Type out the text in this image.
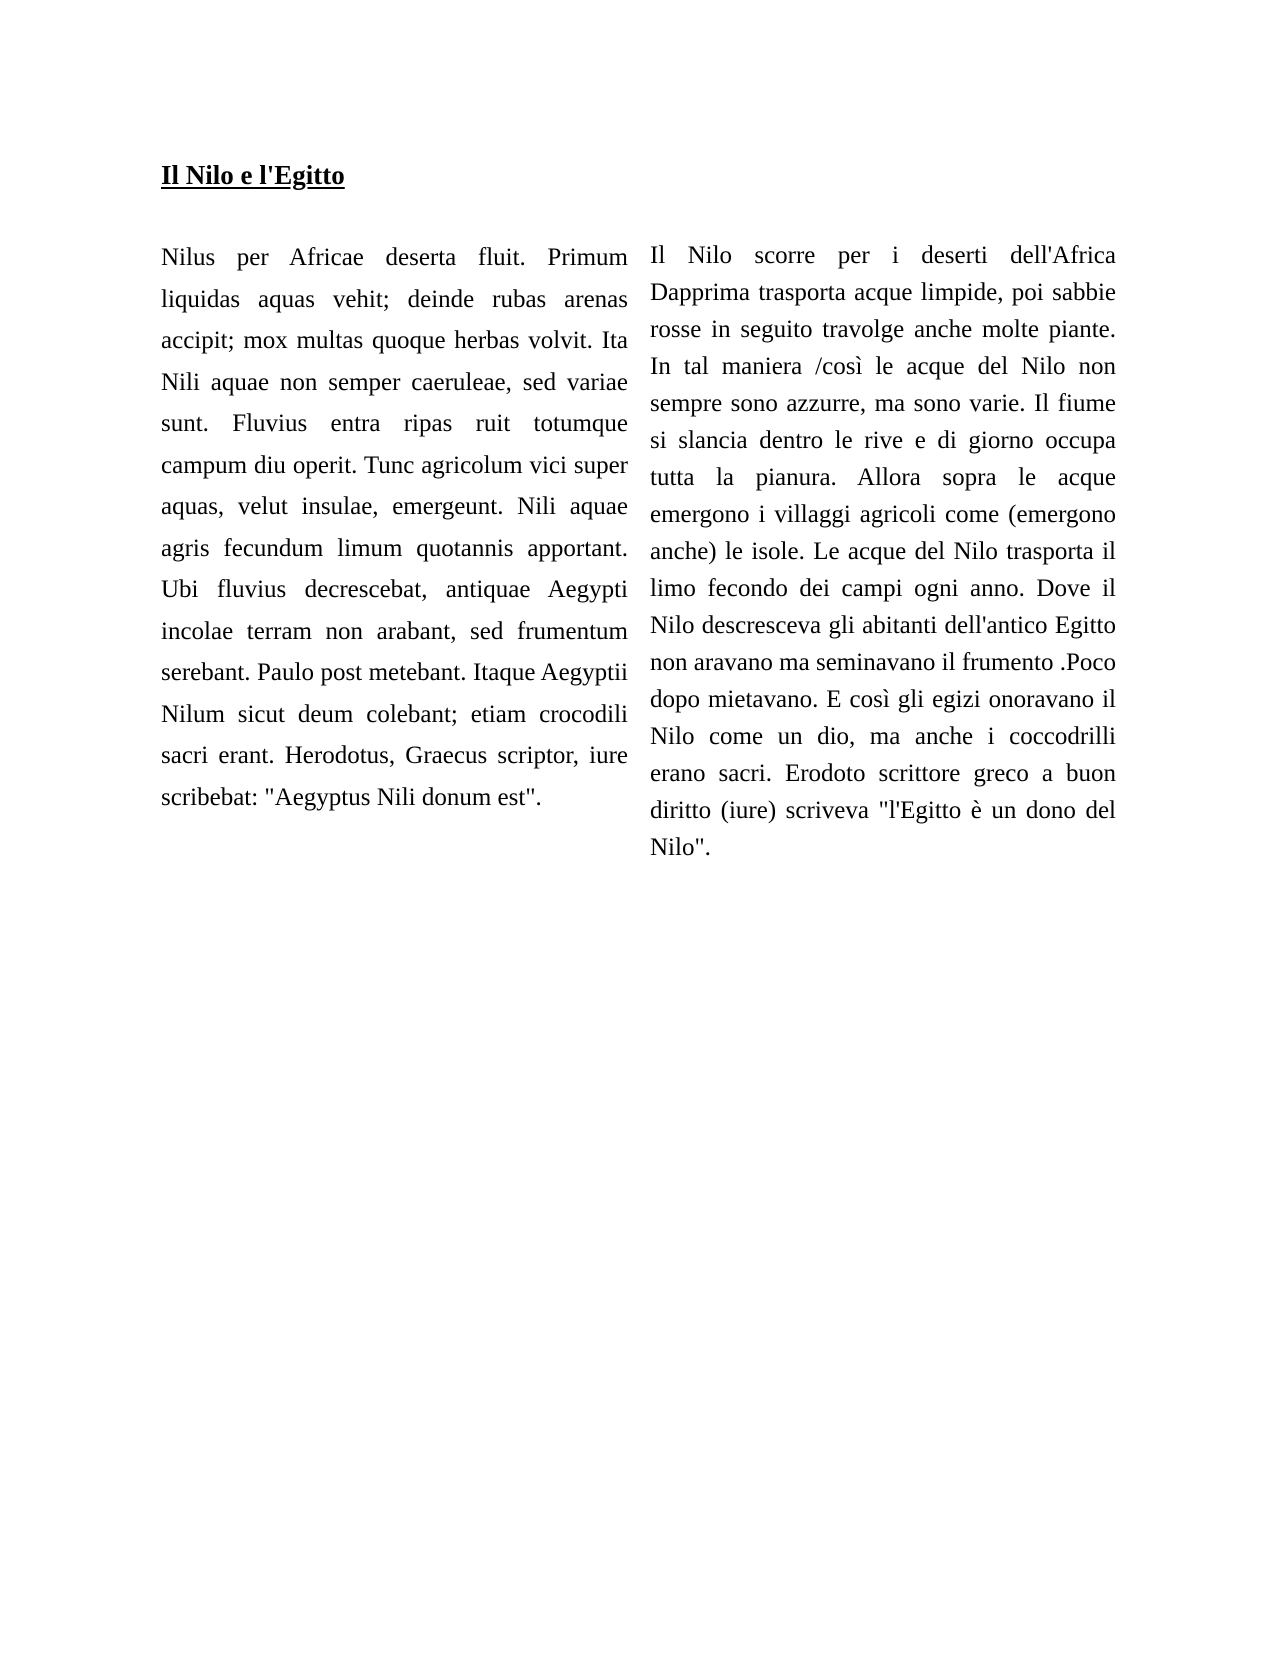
Il Nilo e l'Egitto

Nilus per Africae deserta fluit. Primum liquidas aquas vehit; deinde rubas arenas accipit; mox multas quoque herbas volvit. Ita Nili aquae non semper caeruleae, sed variae sunt. Fluvius entra ripas ruit totumque campum diu operit. Tunc agricolum vici super aquas, velut insulae, emergeunt. Nili aquae agris fecundum limum quotannis apportant. Ubi fluvius decrescebat, antiquae Aegypti incolae terram non arabant, sed frumentum serebant. Paulo post metebant. Itaque Aegyptii Nilum sicut deum colebant; etiam crocodili sacri erant. Herodotus, Graecus scriptor, iure scribebat: "Aegyptus Nili donum est".

Il Nilo scorre per i deserti dell'Africa Dapprima trasporta acque limpide, poi sabbie rosse in seguito travolge anche molte piante. In tal maniera /così le acque del Nilo non sempre sono azzurre, ma sono varie. Il fiume si slancia dentro le rive e di giorno occupa tutta la pianura. Allora sopra le acque emergono i villaggi agricoli come (emergono anche) le isole. Le acque del Nilo trasporta il limo fecondo dei campi ogni anno. Dove il Nilo descresceva gli abitanti dell'antico Egitto non aravano ma seminavano il frumento .Poco dopo mietavano. E così gli egizi onoravano il Nilo come un dio, ma anche i coccodrilli erano sacri. Erodoto scrittore greco a buon diritto (iure) scriveva "l'Egitto è un dono del Nilo".
